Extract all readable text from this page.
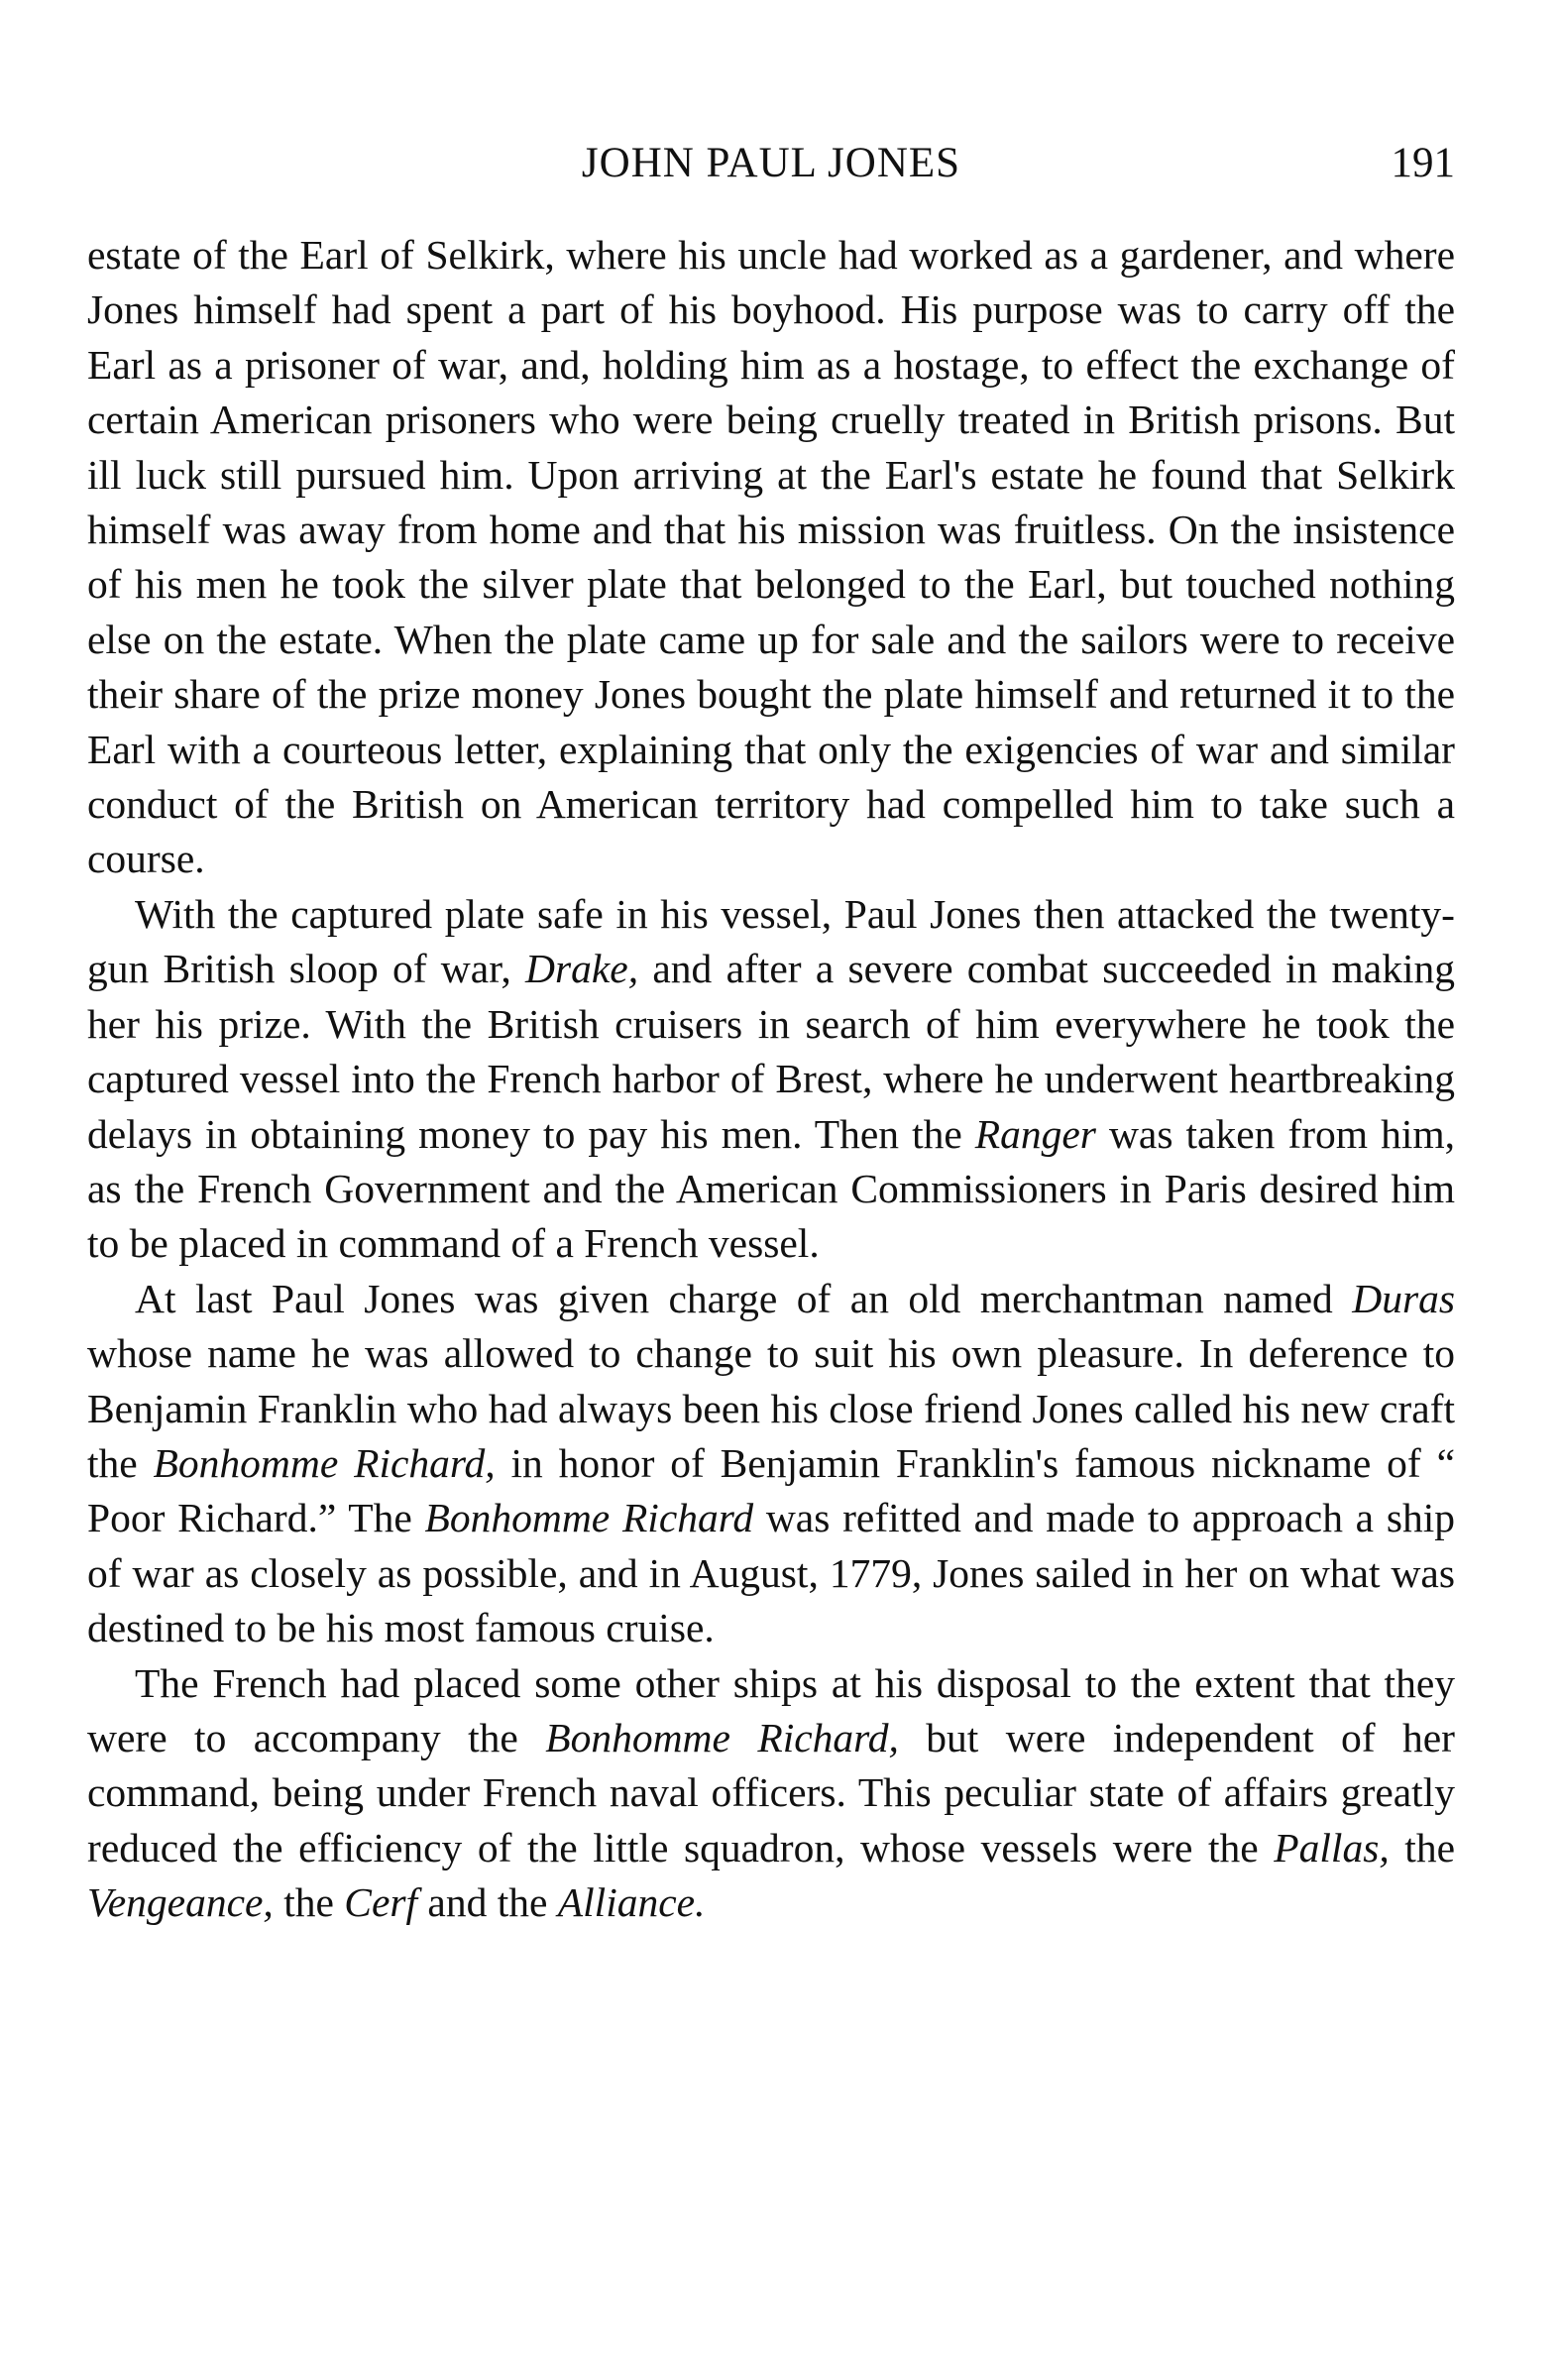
JOHN PAUL JONES	191

estate of the Earl of Selkirk, where his uncle had worked as a gardener, and where Jones himself had spent a part of his boyhood. His purpose was to carry off the Earl as a prisoner of war, and, holding him as a hostage, to effect the exchange of certain American prisoners who were being cruelly treated in British prisons. But ill luck still pursued him. Upon arriving at the Earl's estate he found that Selkirk himself was away from home and that his mission was fruitless. On the insistence of his men he took the silver plate that belonged to the Earl, but touched nothing else on the estate. When the plate came up for sale and the sailors were to receive their share of the prize money Jones bought the plate himself and returned it to the Earl with a courteous letter, explaining that only the exigencies of war and similar conduct of the British on American territory had compelled him to take such a course.

With the captured plate safe in his vessel, Paul Jones then attacked the twenty-gun British sloop of war, Drake, and after a severe combat succeeded in making her his prize. With the British cruisers in search of him everywhere he took the captured vessel into the French harbor of Brest, where he underwent heartbreaking delays in obtaining money to pay his men. Then the Ranger was taken from him, as the French Government and the American Commissioners in Paris desired him to be placed in command of a French vessel.

At last Paul Jones was given charge of an old merchantman named Duras whose name he was allowed to change to suit his own pleasure. In deference to Benjamin Franklin who had always been his close friend Jones called his new craft the Bonhomme Richard, in honor of Benjamin Franklin's famous nickname of “ Poor Richard.” The Bonhomme Richard was refitted and made to approach a ship of war as closely as possible, and in August, 1779, Jones sailed in her on what was destined to be his most famous cruise.

The French had placed some other ships at his disposal to the extent that they were to accompany the Bonhomme Richard, but were independent of her command, being under French naval officers. This peculiar state of affairs greatly reduced the efficiency of the little squadron, whose vessels were the Pallas, the Vengeance, the Cerf and the Alliance.
